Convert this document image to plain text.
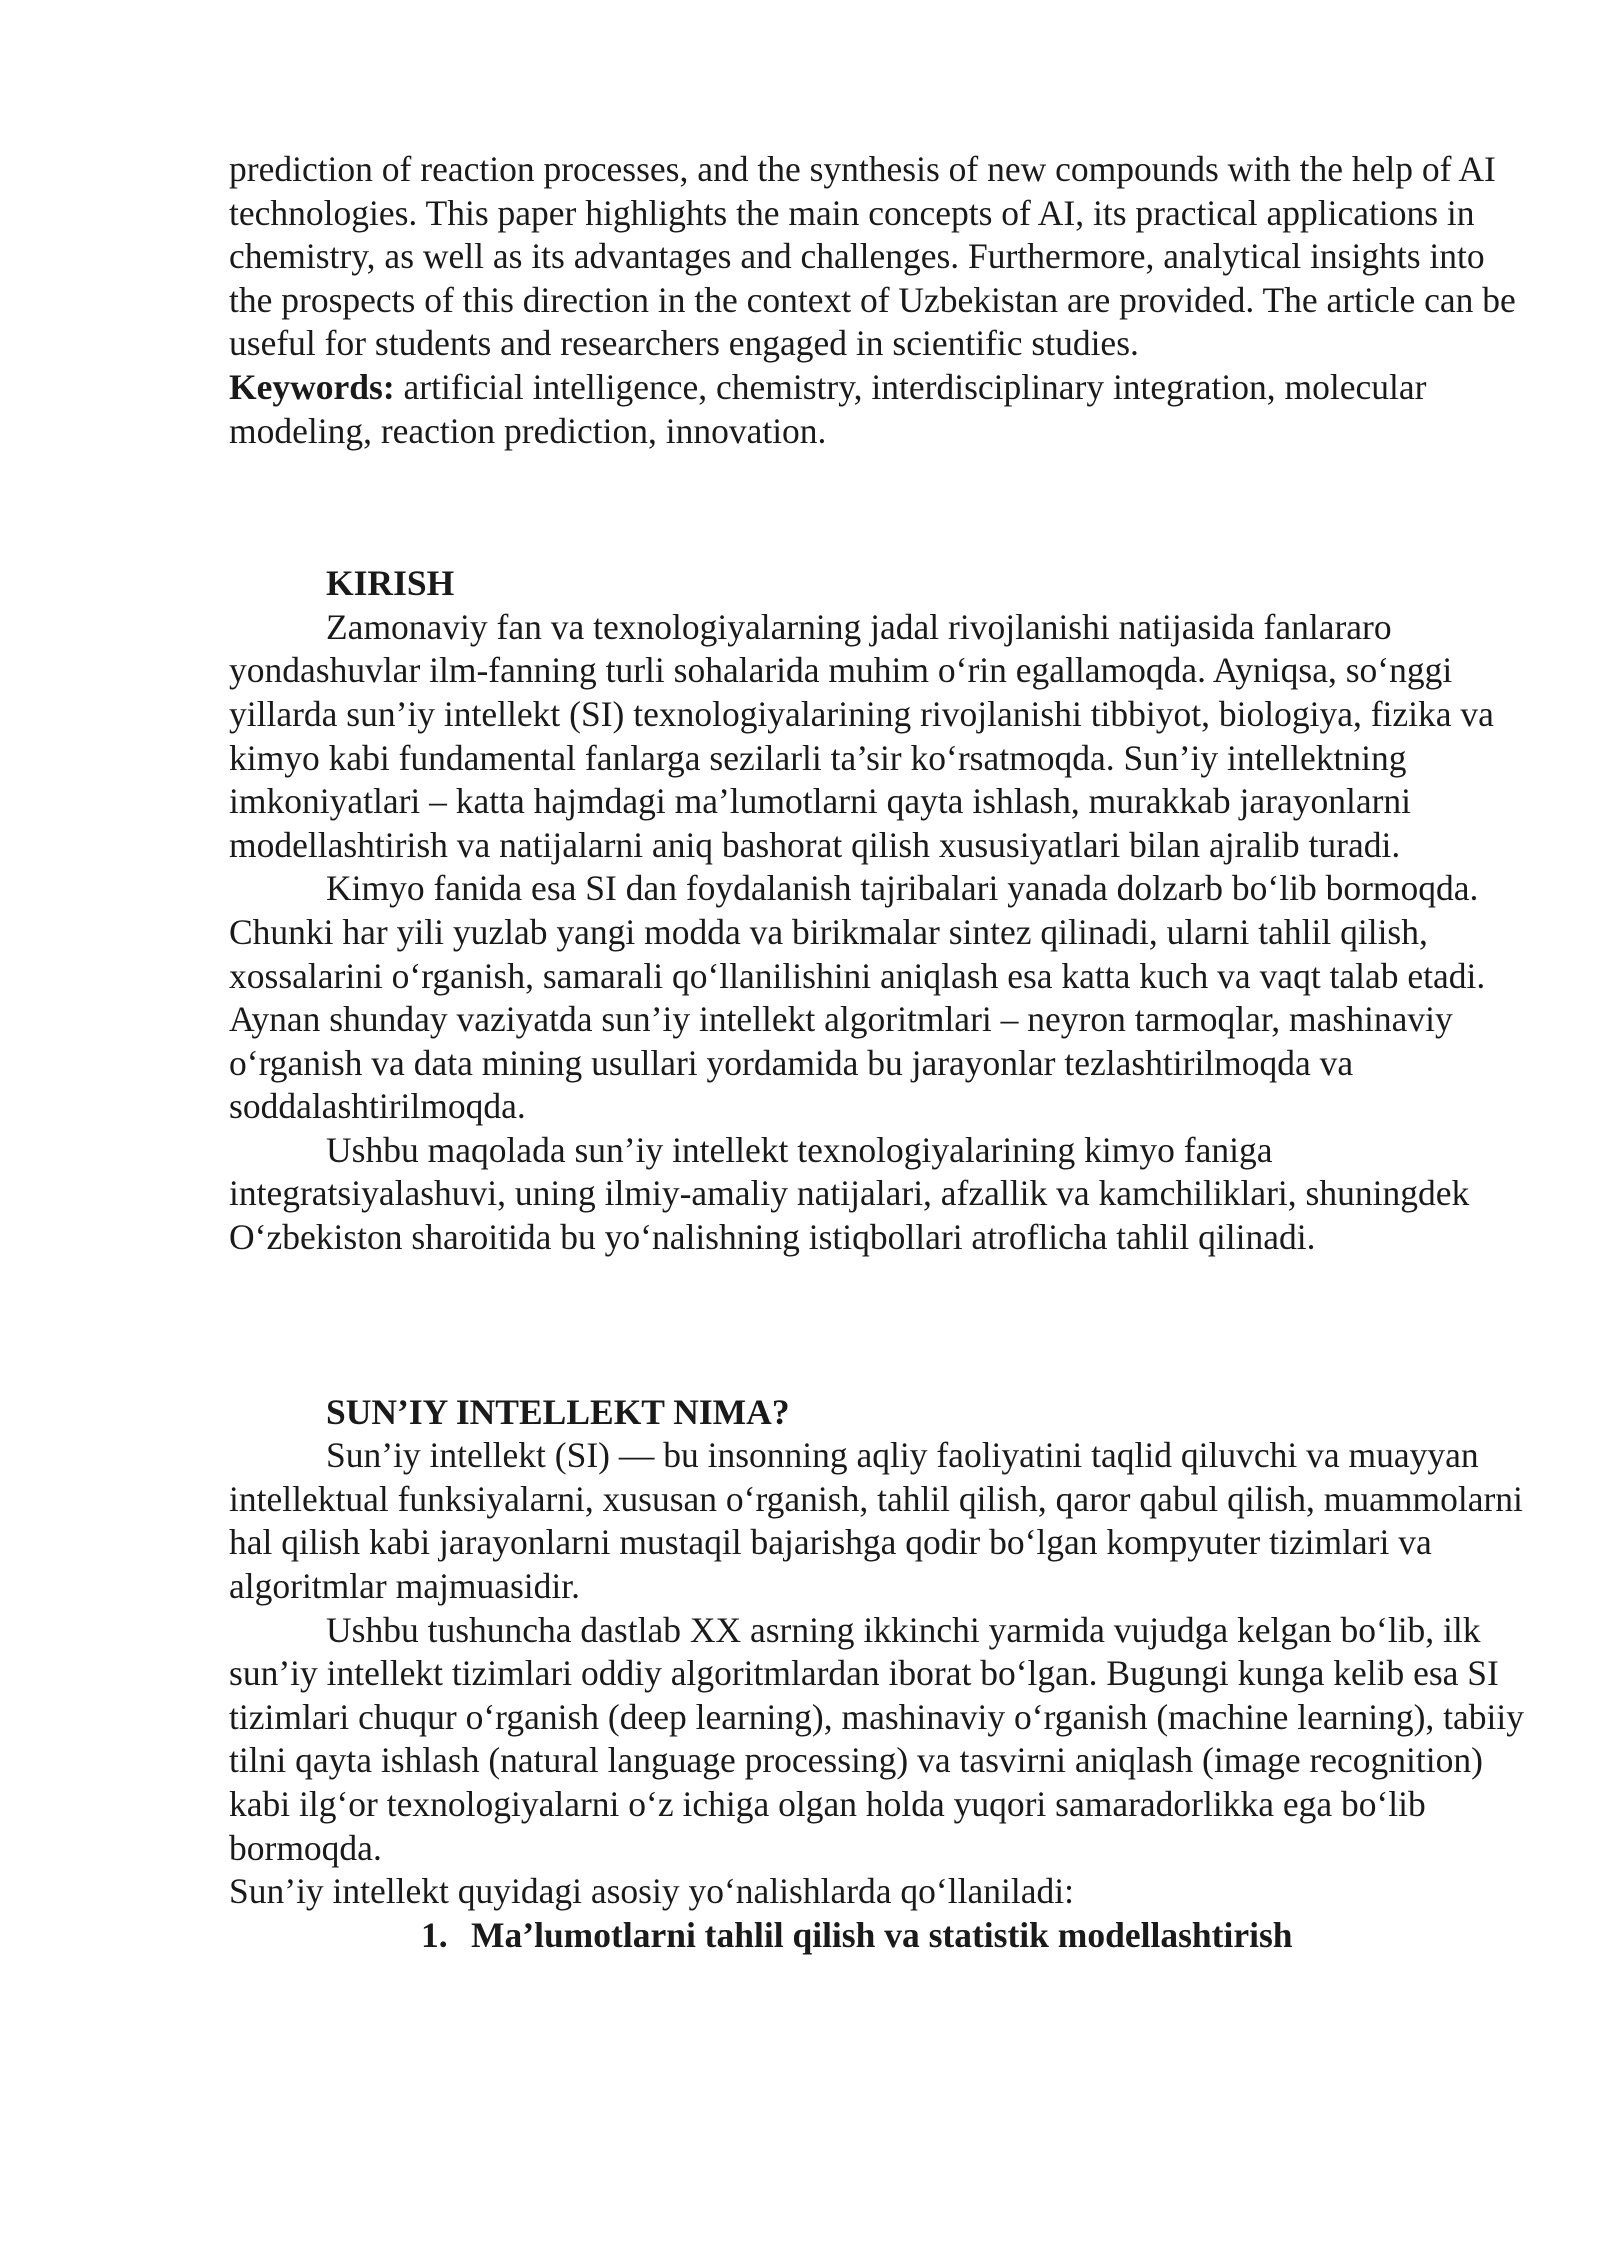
prediction of reaction processes, and the synthesis of new compounds with the help of AI technologies. This paper highlights the main concepts of AI, its practical applications in chemistry, as well as its advantages and challenges. Furthermore, analytical insights into the prospects of this direction in the context of Uzbekistan are provided. The article can be useful for students and researchers engaged in scientific studies.

Keywords: artificial intelligence, chemistry, interdisciplinary integration, molecular modeling, reaction prediction, innovation.

KIRISH

Zamonaviy fan va texnologiyalarning jadal rivojlanishi natijasida fanlararo yondashuvlar ilm-fanning turli sohalarida muhim o‘rin egallamoqda. Ayniqsa, so‘nggi yillarda sun’iy intellekt (SI) texnologiyalarining rivojlanishi tibbiyot, biologiya, fizika va kimyo kabi fundamental fanlarga sezilarli ta’sir ko‘rsatmoqda. Sun’iy intellektning imkoniyatlari – katta hajmdagi ma’lumotlarni qayta ishlash, murakkab jarayonlarni modellashtirish va natijalarni aniq bashorat qilish xususiyatlari bilan ajralib turadi.

Kimyo fanida esa SI dan foydalanish tajribalari yanada dolzarb bo‘lib bormoqda. Chunki har yili yuzlab yangi modda va birikmalar sintez qilinadi, ularni tahlil qilish, xossalarini o‘rganish, samarali qo‘llanilishini aniqlash esa katta kuch va vaqt talab etadi. Aynan shunday vaziyatda sun’iy intellekt algoritmlari – neyron tarmoqlar, mashinaviy o‘rganish va data mining usullari yordamida bu jarayonlar tezlashtirilmoqda va soddalashtirilmoqda.

Ushbu maqolada sun’iy intellekt texnologiyalarining kimyo faniga integratsiyalashuvi, uning ilmiy-amaliy natijalari, afzallik va kamchiliklari, shuningdek O‘zbekiston sharoitida bu yo‘nalishning istiqbollari atroflicha tahlil qilinadi.

SUN’IY INTELLEKT NIMA?

Sun’iy intellekt (SI) — bu insonning aqliy faoliyatini taqlid qiluvchi va muayyan intellektual funksiyalarni, xususan o‘rganish, tahlil qilish, qaror qabul qilish, muammolarni hal qilish kabi jarayonlarni mustaqil bajarishga qodir bo‘lgan kompyuter tizimlari va algoritmlar majmuasidir.

Ushbu tushuncha dastlab XX asrning ikkinchi yarmida vujudga kelgan bo‘lib, ilk sun’iy intellekt tizimlari oddiy algoritmlardan iborat bo‘lgan. Bugungi kunga kelib esa SI tizimlari chuqur o‘rganish (deep learning), mashinaviy o‘rganish (machine learning), tabiiy tilni qayta ishlash (natural language processing) va tasvirni aniqlash (image recognition) kabi ilg‘or texnologiyalarni o‘z ichiga olgan holda yuqori samaradorlikka ega bo‘lib bormoqda.

Sun’iy intellekt quyidagi asosiy yo‘nalishlarda qo‘llaniladi:

1. Ma’lumotlarni tahlil qilish va statistik modellashtirish
